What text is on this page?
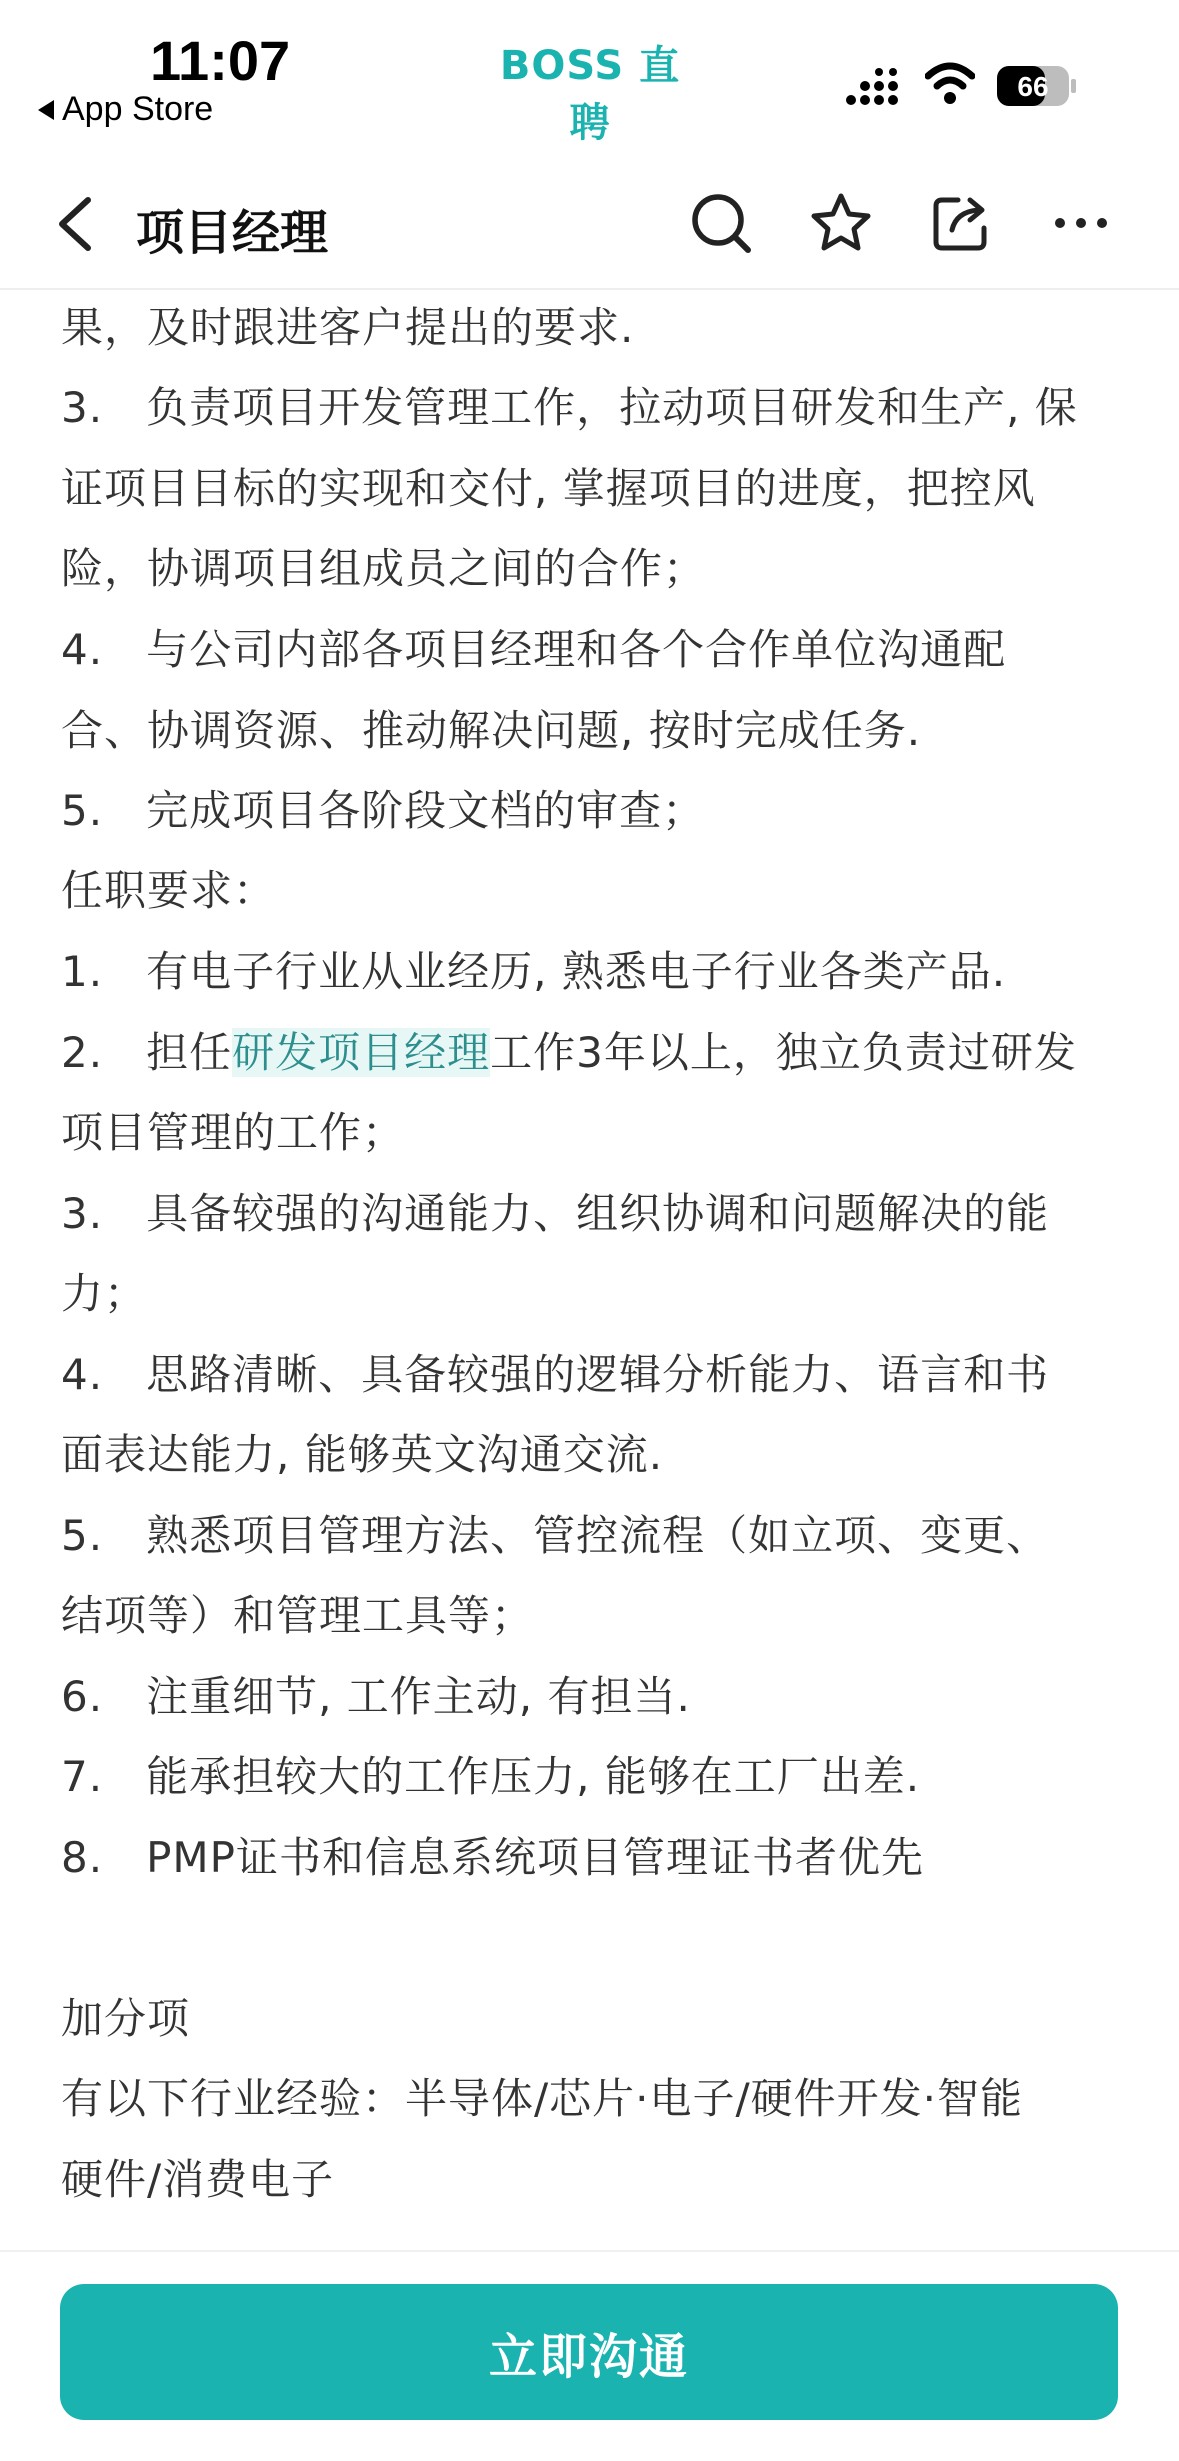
11:07
App Store
BOSS 直聘
66
项目经理
果，及时跟进客户提出的要求.
3.　负责项目开发管理工作，拉动项目研发和生产, 保
证项目目标的实现和交付, 掌握项目的进度，把控风
险，协调项目组成员之间的合作；
4.　与公司内部各项目经理和各个合作单位沟通配
合、协调资源、推动解决问题, 按时完成任务.
5.　完成项目各阶段文档的审查；
任职要求：
1.　有电子行业从业经历, 熟悉电子行业各类产品.
2.　担任研发项目经理工作3年以上，独立负责过研发
项目管理的工作；
3.　具备较强的沟通能力、组织协调和问题解决的能
力；
4.　思路清晰、具备较强的逻辑分析能力、语言和书
面表达能力, 能够英文沟通交流.
5.　熟悉项目管理方法、管控流程（如立项、变更、
结项等）和管理工具等；
6.　注重细节, 工作主动, 有担当.
7.　能承担较大的工作压力, 能够在工厂出差.
8.　PMP证书和信息系统项目管理证书者优先
加分项
有以下行业经验：半导体/芯片·电子/硬件开发·智能
硬件/消费电子
立即沟通
